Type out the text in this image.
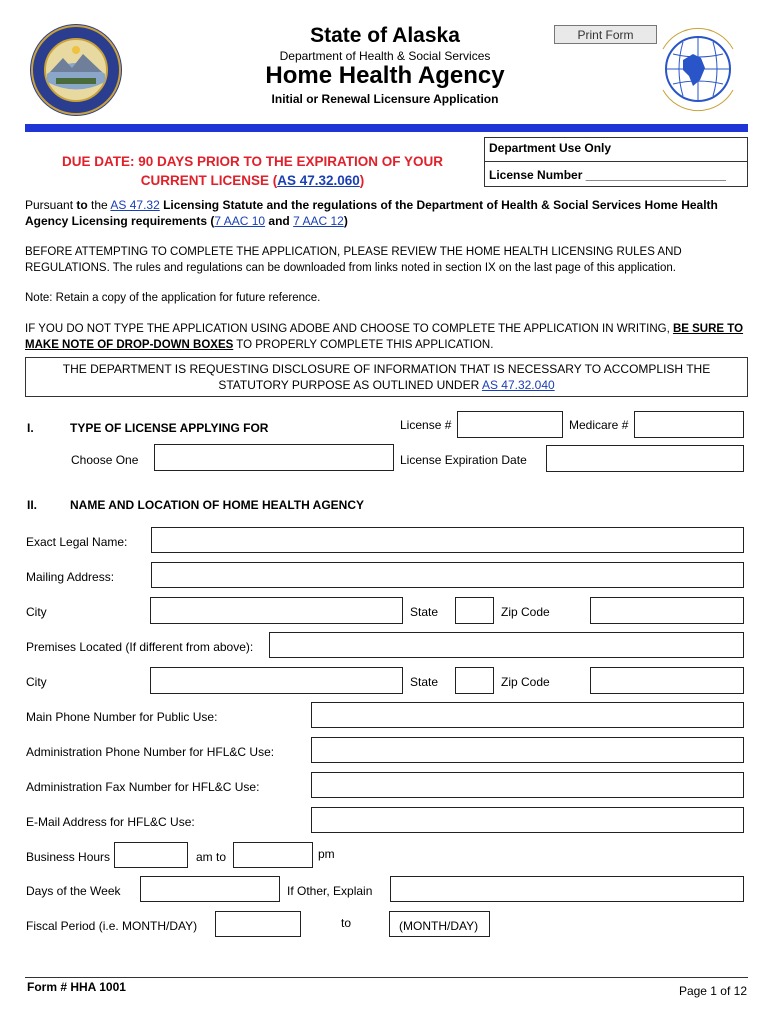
State of Alaska
Department of Health & Social Services
Home Health Agency
Initial or Renewal Licensure Application
Print Form
Department Use Only
License Number _____________________
DUE DATE: 90 DAYS PRIOR TO THE EXPIRATION OF YOUR
CURRENT LICENSE (AS 47.32.060)
Pursuant to the AS 47.32 Licensing Statute and the regulations of the Department of Health & Social Services Home Health Agency Licensing requirements (7 AAC 10 and 7 AAC 12)
BEFORE ATTEMPTING TO COMPLETE THE APPLICATION, PLEASE REVIEW THE HOME HEALTH LICENSING RULES AND REGULATIONS. The rules and regulations can be downloaded from links noted in section IX on the last page of this application.
Note: Retain a copy of the application for future reference.
IF YOU DO NOT TYPE THE APPLICATION USING ADOBE AND CHOOSE TO COMPLETE THE APPLICATION IN WRITING, BE SURE TO MAKE NOTE OF DROP-DOWN BOXES TO PROPERLY COMPLETE THIS APPLICATION.
THE DEPARTMENT IS REQUESTING DISCLOSURE OF INFORMATION THAT IS NECESSARY TO ACCOMPLISH THE
STATUTORY PURPOSE AS OUTLINED UNDER AS 47.32.040
I.	TYPE OF LICENSE APPLYING FOR	License #	Medicare #
Choose One	License Expiration Date
II.	NAME AND LOCATION OF HOME HEALTH AGENCY
Exact Legal Name:
Mailing Address:
City	State	Zip Code
Premises Located (If different from above):
City	State	Zip Code
Main Phone Number for Public Use:
Administration Phone Number for HFL&C Use:
Administration Fax Number for HFL&C Use:
E-Mail Address for HFL&C Use:
Business Hours	am to	pm
Days of the Week	If Other, Explain
Fiscal Period (i.e. MONTH/DAY)	to	(MONTH/DAY)
Form # HHA 1001	Page 1 of 12
